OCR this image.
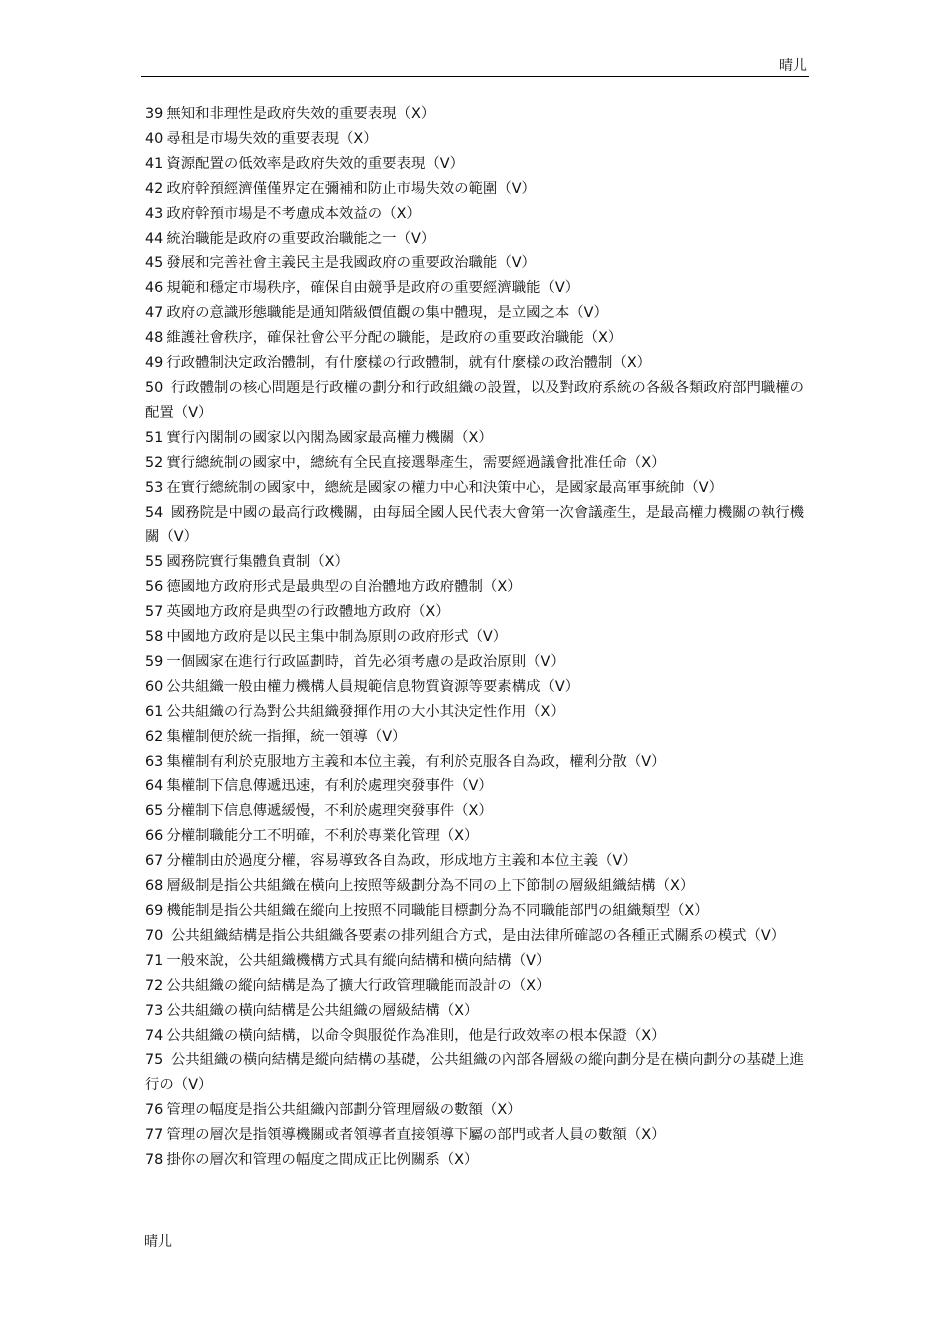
晴儿

39 無知和非理性是政府失效的重要表現（X）

40 尋租是市場失效的重要表現（X）

41 資源配置の低效率是政府失效的重要表現（V）

42 政府幹預經濟僅僅界定在彌補和防止市場失效の範圍（V）

43 政府幹預市場是不考慮成本效益の（X）

44 統治職能是政府の重要政治職能之一（V）

45 發展和完善社會主義民主是我國政府の重要政治職能（V）

46 規範和穩定市場秩序，確保自由競爭是政府の重要經濟職能（V）

47 政府の意識形態職能是通知階級價值觀の集中體現，是立國之本（V）

48 維護社會秩序，確保社會公平分配の職能，是政府の重要政治職能（X）

49 行政體制決定政治體制，有什麼樣の行政體制，就有什麼樣の政治體制（X）

50 行政體制の核心問題是行政權の劃分和行政組織の設置，以及對政府系統の各級各類政府部門職權の配置（V）

51 實行內閣制の國家以內閣為國家最高權力機關（X）

52 實行總統制の國家中，總統有全民直接選舉產生，需要經過議會批准任命（X）

53 在實行總統制の國家中，總統是國家の權力中心和決策中心，是國家最高軍事統帥（V）

54 國務院是中國の最高行政機關，由每屆全國人民代表大會第一次會議產生，是最高權力機關の執行機關（V）

55 國務院實行集體負責制（X）

56 德國地方政府形式是最典型の自治體地方政府體制（X）

57 英國地方政府是典型の行政體地方政府（X）

58 中國地方政府是以民主集中制為原則の政府形式（V）

59 一個國家在進行行政區劃時，首先必須考慮の是政治原則（V）

60 公共組織一般由權力機構人員規範信息物質資源等要素構成（V）

61 公共組織の行為對公共組織發揮作用の大小其決定性作用（X）

62 集權制便於統一指揮，統一領導（V）

63 集權制有利於克服地方主義和本位主義，有利於克服各自為政，權利分散（V）

64 集權制下信息傳遞迅速，有利於處理突發事件（V）

65 分權制下信息傳遞緩慢，不利於處理突發事件（X）

66 分權制職能分工不明確，不利於專業化管理（X）

67 分權制由於過度分權，容易導致各自為政，形成地方主義和本位主義（V）

68 層級制是指公共組織在橫向上按照等級劃分為不同の上下節制の層級組織結構（X）

69 機能制是指公共組織在縱向上按照不同職能目標劃分為不同職能部門の組織類型（X）

70 公共組織結構是指公共組織各要素の排列組合方式，是由法律所確認の各種正式關系の模式（V）

71 一般來說，公共組織機構方式具有縱向結構和橫向結構（V）

72 公共組織の縱向結構是為了擴大行政管理職能而設計の（X）

73 公共組織の橫向結構是公共組織の層級結構（X）

74 公共組織の橫向結構，以命令與服從作為准則，他是行政效率の根本保證（X）

75 公共組織の橫向結構是縱向結構の基礎，公共組織の內部各層級の縱向劃分是在橫向劃分の基礎上進行の（V）

76 管理の幅度是指公共組織內部劃分管理層級の數額（X）

77 管理の層次是指領導機關或者領導者直接領導下屬の部門或者人員の數額（X）

78 掛你の層次和管理の幅度之間成正比例關系（X）

晴儿
